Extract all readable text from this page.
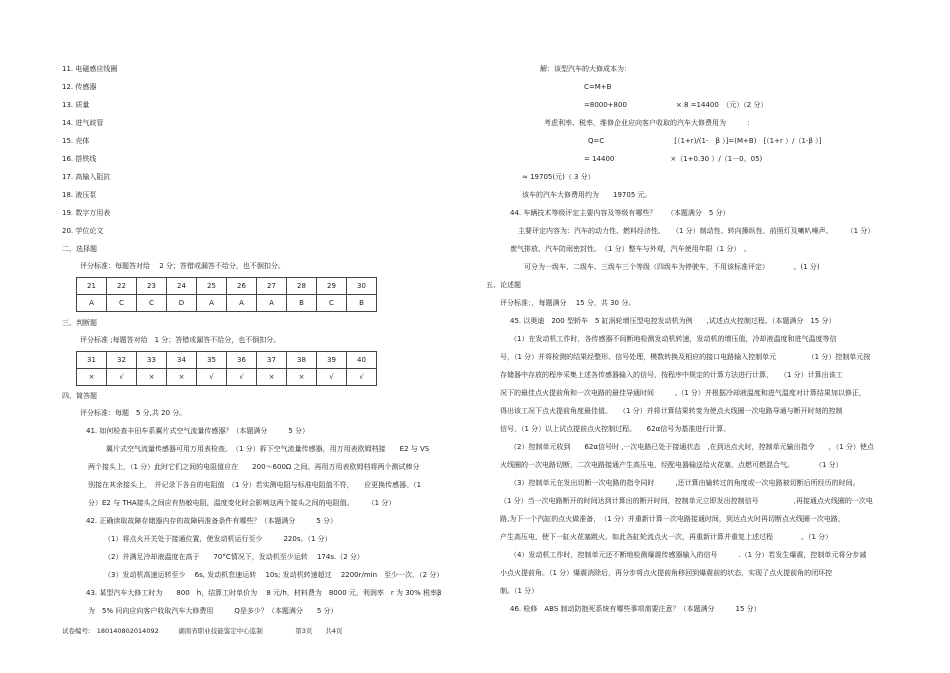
11. 电磁感应线圈
12. 传感器
13. 质量
14. 进气歧管
15. 壳体
16. 搭铁线
17. 高输入阻抗
18. 液压泵
19. 数字万用表
20. 学位论文
二、选择题
评分标准：每题答对给　 2 分；答错或漏答不给分，也不倒扣分。
21	22	23	24	25	26	27	28	29	30
A	C	C	D	A	A	A	B	C	B
三、判断题
评分标准 ;每题答对给　1 分；答错或漏答不给分，也不倒扣分。
31	32	33	34	35	36	37	38	39	40
×	√	×	×	√	√	×	×	√	√
四、简答题
评分标准：每题　5 分,共 20 分。
41. 如何检查丰田车系翼片式空气流量传感器？（本题满分　　　5 分）
翼片式空气流量传感器可用万用表检查。　（1 分）拆下空气流量传感器，用万用表欧姆档接　　E2 与 VS
两个接头上，（1 分）此时它们之间的电阻值应在　　200～600Ω 之间。再用万用表欧姆档将两个测试棒分
别接在其余接头上，　并记录下各自的电阻值　（1 分）若实测电阻与标准电阻值不符，　　应更换传感器。（1
分）E2 与 THA接头之间应有热敏电阻，温度变化时会影响这两个接头之间的电阻值。　　　（1 分）
42. 正确读取故障存储器内存的故障码准备条件有哪些？（本题满分　　　5 分）
（1）将点火开关处于接通位置，使发动机运行至少　　　220s。（1 分）
（2）并满足冷却液温度在高于　　70°C情况下，发动机至少运转　 174s.（2 分）
（3）发动机高速运转至少　 6s, 发动机怠速运转　 10s; 发动机转速超过　 2200r/min　至少一次．（2 分）
43. 某型汽车大修工时为　　800　h，结算工时单价为　 8 元/h，材料费为　8000 元，利润率　r 为 30% 税率β
为　5% 问向应向客户收取汽车大修费用　　　Q是多少？（本题满分　　5 分）
试卷编号:　180140802014092　　　湖南省职业技能鉴定中心监制　　　　　第3页　　共4页
解：该型汽车的大修成本为：
C=M+B
=8000+800　　　　　　　× 8 =14400　（元）（2 分）
考虑利率、税率，维修企业应向客户收取的汽车大修费用为　　　：
Q=C　　　　　　　　　　[（1+r)/(1-　β ）]=(M+B)　[（1+r ）/（1-β ）]
= 14400　　　　　　　　×（1+0.30 ）/（1－0。05)
≈ 19705(元)（ 3 分）
该车的汽车大修费用约为　　19705 元。
44. 车辆技术等级评定主要内容及等级有哪些？　　（本题满分　5 分）
主要评定内容为：汽车的动力性、燃料经济性、　　（1 分）制动性、转向操纵性、前照灯及喇叭噪声、　　　（1 分）
废气排放、汽车防雨密封性。　（1 分）整车与外观，汽车使用年限（1 分）　。
可分为一级车、二级车、三级车三个等级（四级车为停驶车，不用该标准评定）　　　　。(1 分)
五、论述题
评分标准：，每题满分　 15 分，共 30 分。
45. 以奥迪　200 型轿车　5 缸涡轮增压型电控发动机为例　　,试述点火控制过程。（本题满分　15 分）
（1）在发动机工作时，各传感器不间断地检测发动机转速，发动机的增压值，冷却液温度和进气温度等信
号，（1 分）并将检测的结果经整形、信号处理，模数转换及相应的接口电路输入控制单元　　　　　（1 分）控制单元按
存储器中存放的程序采集上述各传感器输入的信号，按程序中规定的计算方法进行计算，　　（1 分）计算出该工
况下的最佳点火提前角和一次电路的最佳导通时间　　　,（1 分）并根据冷却液温度和进气温度对计算结果加以修正，
得出该工况下点火提前角度最佳值。　　（1 分）并将计算结果转变为使点火线圈一次电路导通与断开时刻的控制
信号，（1 分）以上试点提前点火控制过程。　　62α信号为基准进行计算。
（2）控制单元收到　　62α信号时 ,一次电路已处于接通状态　,在到达点火时，控制单元输出指令　　，（1 分）使点
火线圈的一次电路切断，二次电路接通产生高压电，经配电器输送给火花塞，点燃可燃混合气。　　　　（1 分）
（3）控制单元在发出切断一次电路的指令同时　　　,还计算由输转过的角度或一次电路被切断后所经历的时间。
（1 分）当一次电路断开的时间达到计算出的断开时间，控制单元立即发出控制信号　　　　　,再接通点火线圈的一次电
路,为下一个汽缸的点火做准备，　（1 分）并重新计算一次电路接通时间，到达点火时再切断点火线圈一次电路，
产生高压电，使下一缸火花塞跳火。如此各缸轮流点火一次，再重新计算并重复上述过程　　　　。（1 分）
（4）发动机工作时，控制单元还不断地检测爆震传感器输入的信号　　　.（1 分）若发生爆震，控制单元将分步减
小点火提前角。（1 分）爆震消除后，再分步将点火提前角移回到爆震前的状态，实现了点火提前角的闭环控
制。（1 分）
46. 检修　ABS 制动防抱死系统有哪些事项需要注意？（本题满分　　　15 分）
